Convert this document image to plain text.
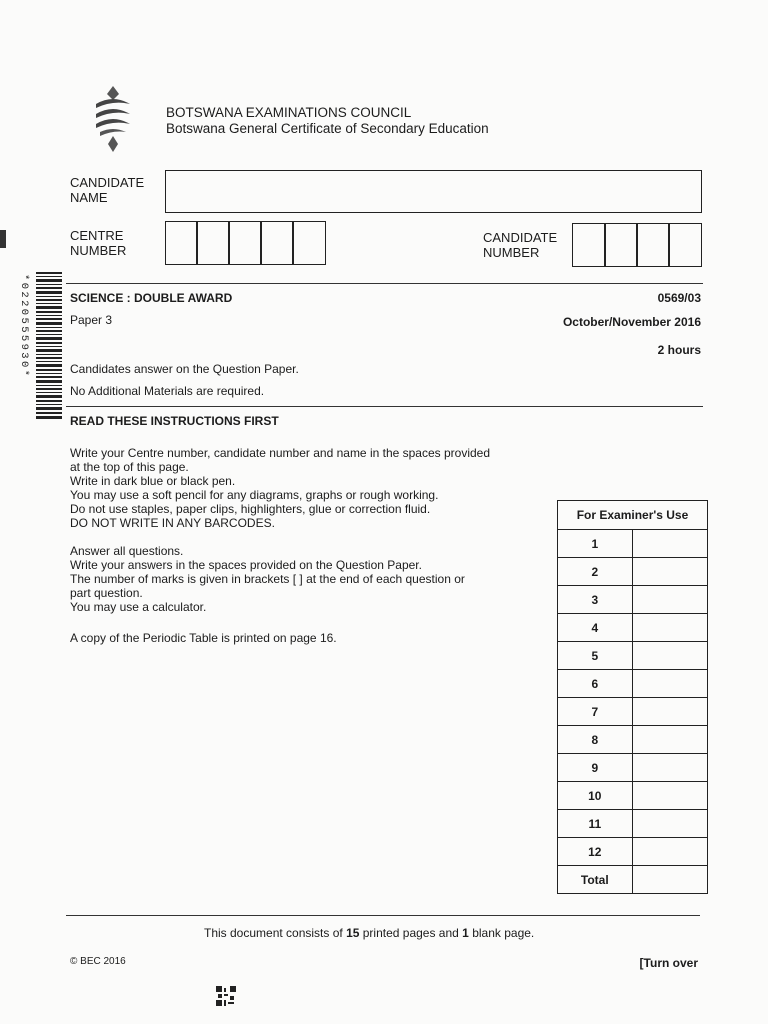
BOTSWANA EXAMINATIONS COUNCIL
Botswana General Certificate of Secondary Education
CANDIDATE
NAME
CENTRE
NUMBER
CANDIDATE
NUMBER
*0220555930*	SCIENCE : DOUBLE AWARD	0569/03
Paper 3	October/November 2016
2 hours
Candidates answer on the Question Paper.
No Additional Materials are required.
READ THESE INSTRUCTIONS FIRST
Write your Centre number, candidate number and name in the spaces provided
at the top of this page.
Write in dark blue or black pen.
You may use a soft pencil for any diagrams, graphs or rough working.
Do not use staples, paper clips, highlighters, glue or correction fluid.
DO NOT WRITE IN ANY BARCODES.
Answer all questions.
Write your answers in the spaces provided on the Question Paper.
The number of marks is given in brackets [ ] at the end of each question or
part question.
You may use a calculator.
A copy of the Periodic Table is printed on page 16.
For Examiner's Use	
1	
2	
3	
4	
5	
6	
7	
8	
9	
10	
11	
12	
Total	
This document consists of 15 printed pages and 1 blank page.
© BEC 2016	[Turn over
